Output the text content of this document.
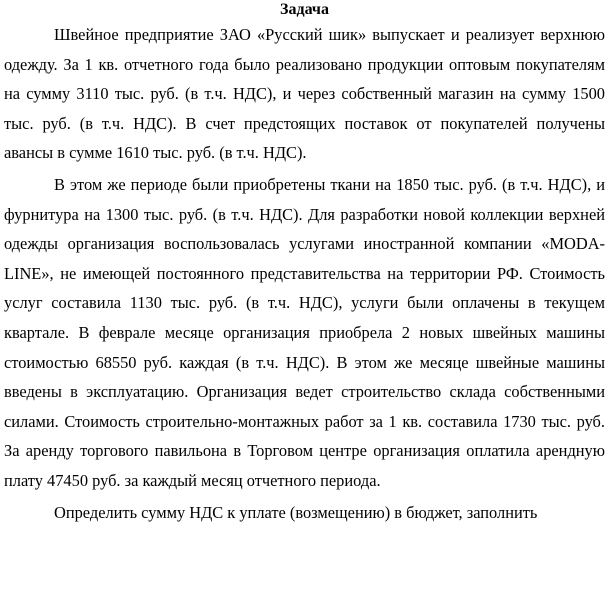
Задача

Швейное предприятие ЗАО «Русский шик» выпускает и реализует верхнюю одежду. За 1 кв. отчетного года было реализовано продукции оптовым покупателям на сумму 3110 тыс. руб. (в т.ч. НДС), и через собственный магазин на сумму 1500 тыс. руб. (в т.ч. НДС). В счет предстоящих поставок от покупателей получены авансы в сумме 1610 тыс. руб. (в т.ч. НДС).

В этом же периоде были приобретены ткани на 1850 тыс. руб. (в т.ч. НДС), и фурнитура на 1300 тыс. руб. (в т.ч. НДС). Для разработки новой коллекции верхней одежды организация воспользовалась услугами иностранной компании «MODA-LINE», не имеющей постоянного представительства на территории РФ. Стоимость услуг составила 1130 тыс. руб. (в т.ч. НДС), услуги были оплачены в текущем квартале. В феврале месяце организация приобрела 2 новых швейных машины стоимостью 68550 руб. каждая (в т.ч. НДС). В этом же месяце швейные машины введены в эксплуатацию. Организация ведет строительство склада собственными силами. Стоимость строительно-монтажных работ за 1 кв. составила 1730 тыс. руб. За аренду торгового павильона в Торговом центре организация оплатила арендную плату 47450 руб. за каждый месяц отчетного периода.

Определить сумму НДС к уплате (возмещению) в бюджет, заполнить
